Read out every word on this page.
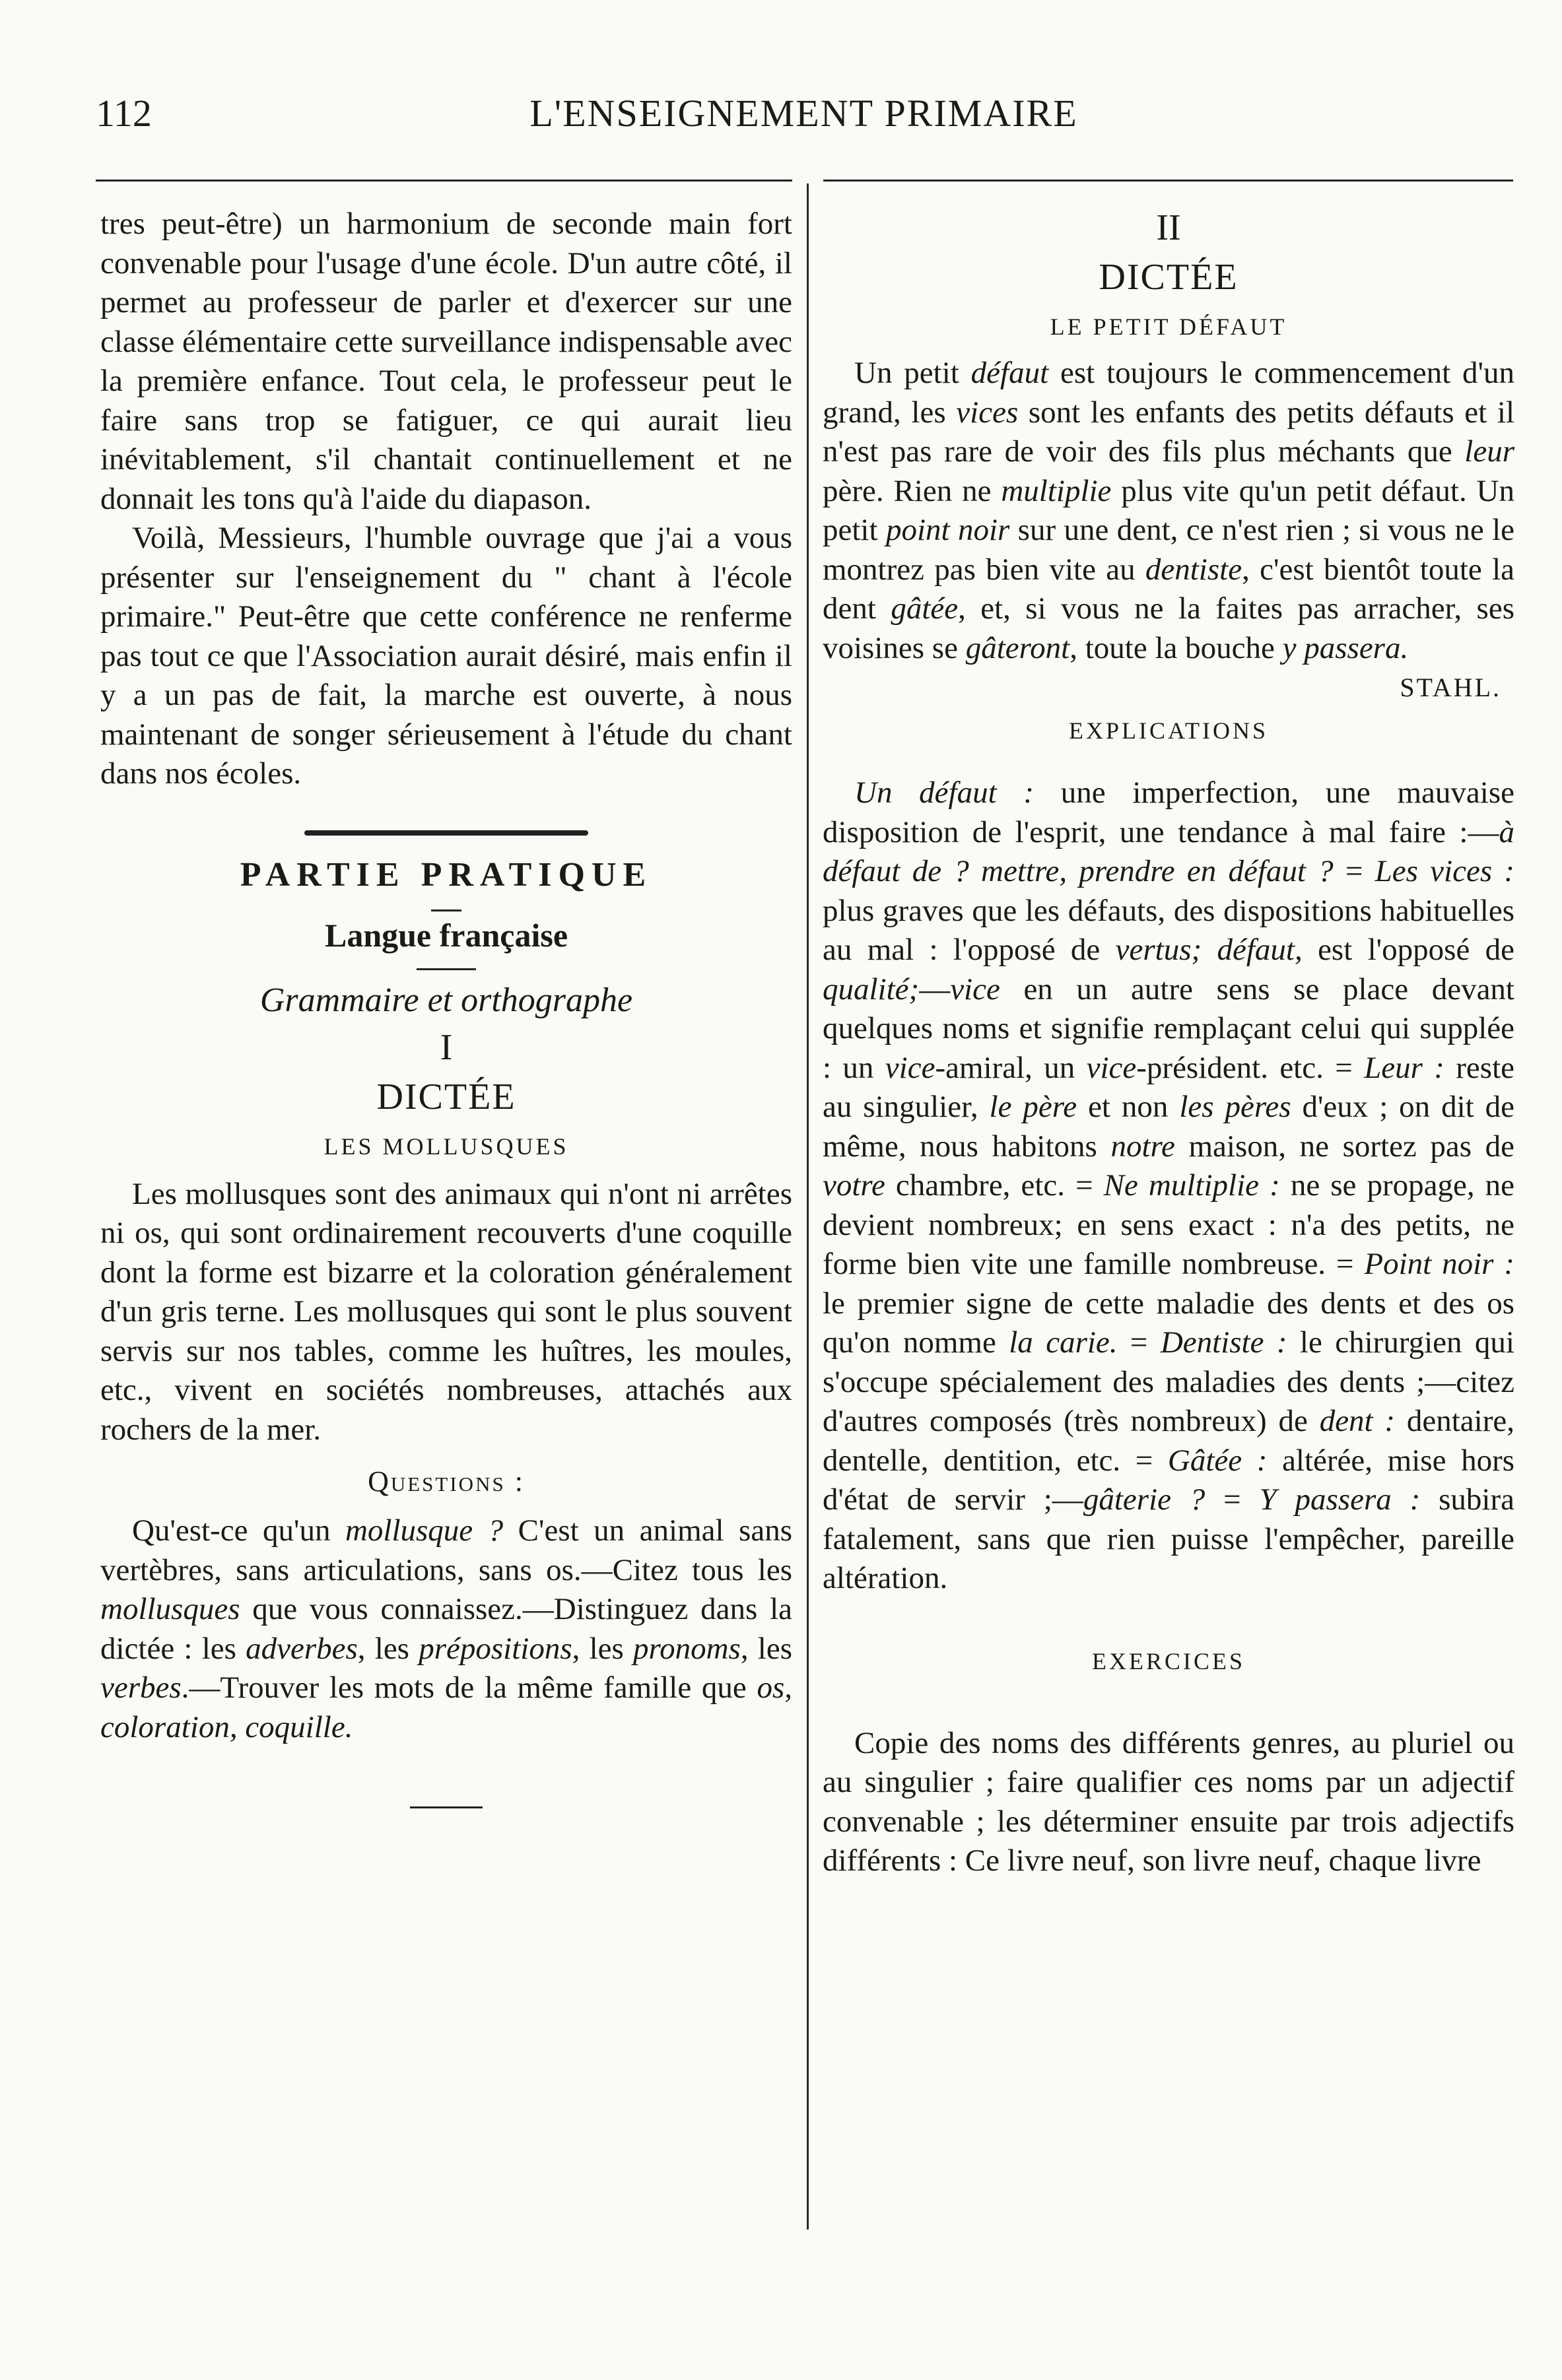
112	L'ENSEIGNEMENT PRIMAIRE

tres peut-être) un harmonium de seconde main fort convenable pour l'usage d'une école. D'un autre côté, il permet au professeur de parler et d'exercer sur une classe élémentaire cette surveillance indispensable avec la première enfance. Tout cela, le professeur peut le faire sans trop se fatiguer, ce qui aurait lieu inévitablement, s'il chantait continuellement et ne donnait les tons qu'à l'aide du diapason.

Voilà, Messieurs, l'humble ouvrage que j'ai a vous présenter sur l'enseignement du " chant à l'école primaire." Peut-être que cette conférence ne renferme pas tout ce que l'Association aurait désiré, mais enfin il y a un pas de fait, la marche est ouverte, à nous maintenant de songer sérieusement à l'étude du chant dans nos écoles.

PARTIE PRATIQUE
Langue française
Grammaire et orthographe
I
DICTÉE
LES MOLLUSQUES

Les mollusques sont des animaux qui n'ont ni arrêtes ni os, qui sont ordinairement recouverts d'une coquille dont la forme est bizarre et la coloration généralement d'un gris terne. Les mollusques qui sont le plus souvent servis sur nos tables, comme les huîtres, les moules, etc., vivent en sociétés nombreuses, attachés aux rochers de la mer.

Questions :

Qu'est-ce qu'un mollusque ? C'est un animal sans vertèbres, sans articulations, sans os.—Citez tous les mollusques que vous connaissez.—Distinguez dans la dictée : les adverbes, les prépositions, les pronoms, les verbes.—Trouver les mots de la même famille que os, coloration, coquille.

II
DICTÉE
LE PETIT DÉFAUT

Un petit défaut est toujours le commencement d'un grand, les vices sont les enfants des petits défauts et il n'est pas rare de voir des fils plus méchants que leur père. Rien ne multiplie plus vite qu'un petit défaut. Un petit point noir sur une dent, ce n'est rien ; si vous ne le montrez pas bien vite au dentiste, c'est bientôt toute la dent gâtée, et, si vous ne la faites pas arracher, ses voisines se gâteront, toute la bouche y passera.

STAHL.
EXPLICATIONS

Un défaut : une imperfection, une mauvaise disposition de l'esprit, une tendance à mal faire :—à défaut de ? mettre, prendre en défaut ? = Les vices : plus graves que les défauts, des dispositions habituelles au mal : l'opposé de vertus; défaut, est l'opposé de qualité;—vice en un autre sens se place devant quelques noms et signifie remplaçant celui qui supplée : un vice-amiral, un vice-président. etc. = Leur : reste au singulier, le père et non les pères d'eux ; on dit de même, nous habitons notre maison, ne sortez pas de votre chambre, etc. = Ne multiplie : ne se propage, ne devient nombreux; en sens exact : n'a des petits, ne forme bien vite une famille nombreuse. = Point noir : le premier signe de cette maladie des dents et des os qu'on nomme la carie. = Dentiste : le chirurgien qui s'occupe spécialement des maladies des dents ;—citez d'autres composés (très nombreux) de dent : dentaire, dentelle, dentition, etc. = Gâtée : altérée, mise hors d'état de servir ;—gâterie ? = Y passera : subira fatalement, sans que rien puisse l'empêcher, pareille altération.

EXERCICES

Copie des noms des différents genres, au pluriel ou au singulier ; faire qualifier ces noms par un adjectif convenable ; les déterminer ensuite par trois adjectifs différents : Ce livre neuf, son livre neuf, chaque livre
